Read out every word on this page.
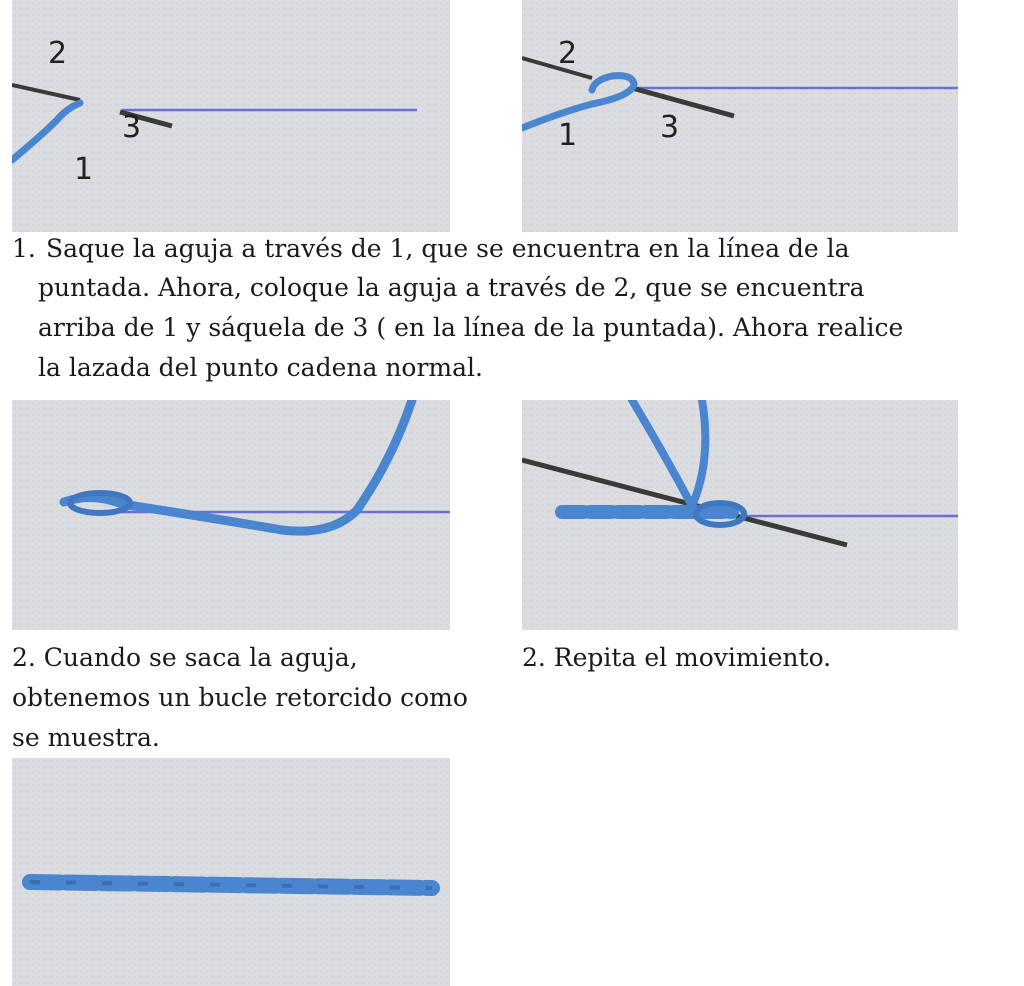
2
3
1
2
1	3
1. Saque la aguja a través de 1, que se encuentra en la línea de la
puntada. Ahora, coloque la aguja a través de 2, que se encuentra
arriba de 1 y sáquela de 3 ( en la línea de la puntada). Ahora realice
la lazada del punto cadena normal.
2. Cuando se saca la aguja,
obtenemos un bucle retorcido como
se muestra.
2. Repita el movimiento.
